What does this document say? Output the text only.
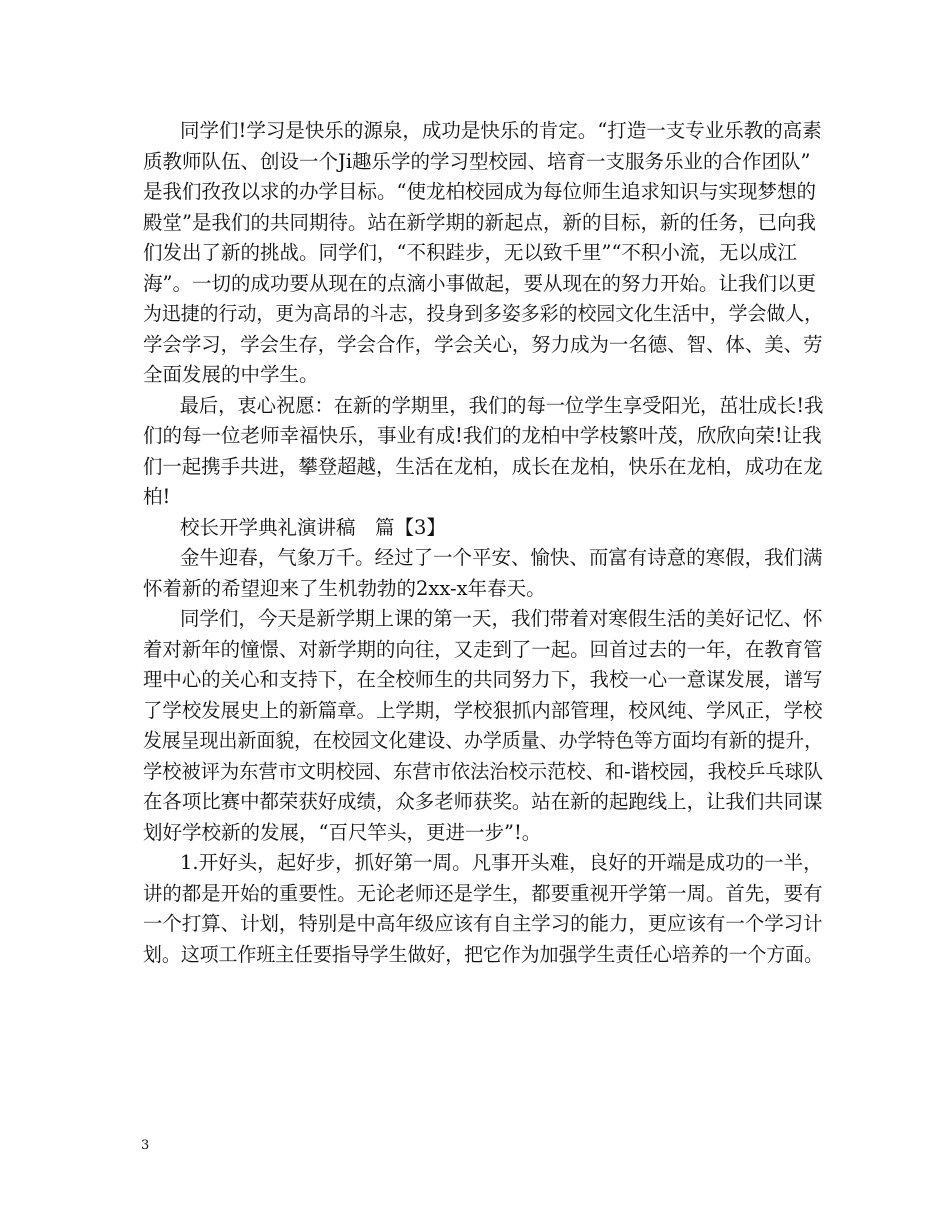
同学们!学习是快乐的源泉，成功是快乐的肯定。“打造一支专业乐教的高素
质教师队伍、创设一个Ji趣乐学的学习型校园、培育一支服务乐业的合作团队”
是我们孜孜以求的办学目标。“使龙柏校园成为每位师生追求知识与实现梦想的
殿堂”是我们的共同期待。站在新学期的新起点，新的目标，新的任务，已向我
们发出了新的挑战。同学们，“不积跬步，无以致千里”“不积小流，无以成江
海”。一切的成功要从现在的点滴小事做起，要从现在的努力开始。让我们以更
为迅捷的行动，更为高昂的斗志，投身到多姿多彩的校园文化生活中，学会做人，
学会学习，学会生存，学会合作，学会关心，努力成为一名德、智、体、美、劳
全面发展的中学生。
最后，衷心祝愿：在新的学期里，我们的每一位学生享受阳光，茁壮成长!我
们的每一位老师幸福快乐，事业有成!我们的龙柏中学枝繁叶茂，欣欣向荣!让我
们一起携手共进，攀登超越，生活在龙柏，成长在龙柏，快乐在龙柏，成功在龙
柏!
校长开学典礼演讲稿　篇【3】
金牛迎春，气象万千。经过了一个平安、愉快、而富有诗意的寒假，我们满
怀着新的希望迎来了生机勃勃的2xx-x年春天。
同学们，今天是新学期上课的第一天，我们带着对寒假生活的美好记忆、怀
着对新年的憧憬、对新学期的向往，又走到了一起。回首过去的一年，在教育管
理中心的关心和支持下，在全校师生的共同努力下，我校一心一意谋发展，谱写
了学校发展史上的新篇章。上学期，学校狠抓内部管理，校风纯、学风正，学校
发展呈现出新面貌，在校园文化建设、办学质量、办学特色等方面均有新的提升，
学校被评为东营市文明校园、东营市依法治校示范校、和-谐校园，我校乒乓球队
在各项比赛中都荣获好成绩，众多老师获奖。站在新的起跑线上，让我们共同谋
划好学校新的发展，“百尺竿头，更进一步”!。
1.开好头，起好步，抓好第一周。凡事开头难，良好的开端是成功的一半，
讲的都是开始的重要性。无论老师还是学生，都要重视开学第一周。首先，要有
一个打算、计划，特别是中高年级应该有自主学习的能力，更应该有一个学习计
划。这项工作班主任要指导学生做好，把它作为加强学生责任心培养的一个方面。
3
